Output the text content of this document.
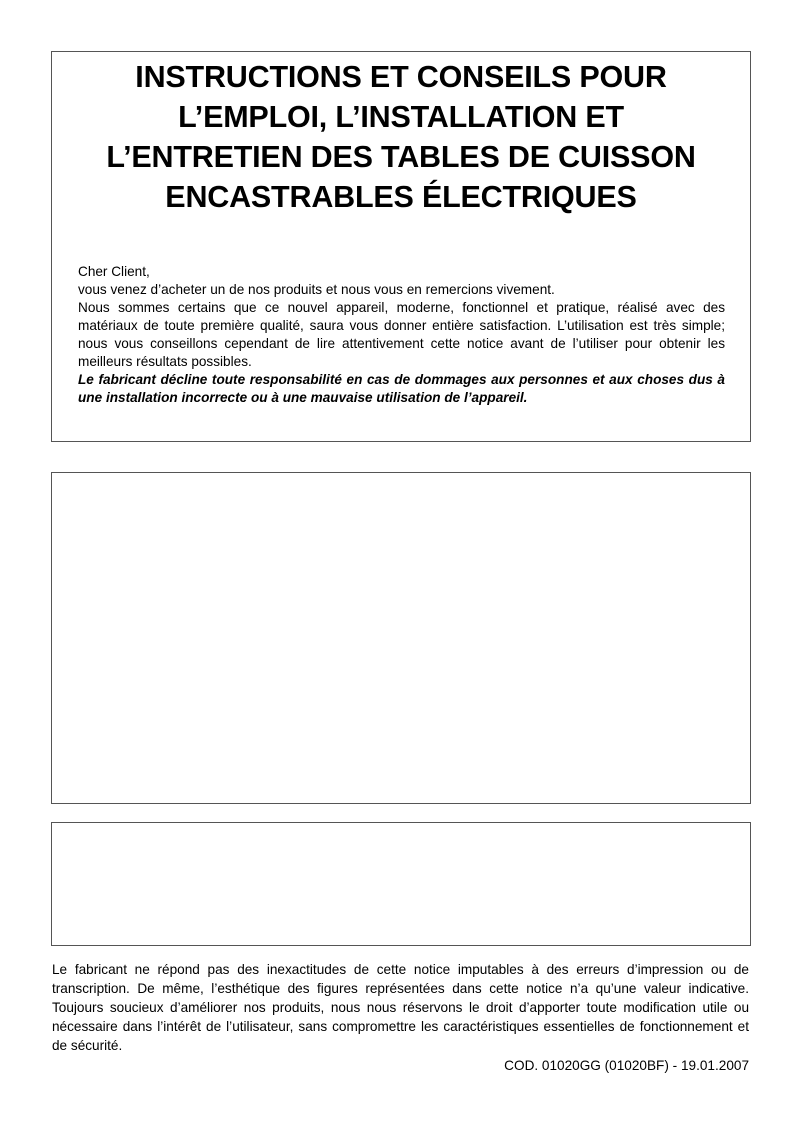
INSTRUCTIONS ET CONSEILS POUR
L’EMPLOI, L’INSTALLATION ET
L’ENTRETIEN DES TABLES DE CUISSON
ENCASTRABLES ÉLECTRIQUES

Cher Client,

vous venez d’acheter un de nos produits et nous vous en remercions vivement.

Nous sommes certains que ce nouvel appareil, moderne, fonctionnel et pratique, réalisé avec des matériaux de toute première qualité, saura vous donner entière satisfaction. L’utilisation est très simple; nous vous conseillons cependant de lire attentivement cette notice avant de l’utiliser pour obtenir les meilleurs résultats possibles.

Le fabricant décline toute responsabilité en cas de dommages aux personnes et aux choses dus à une installation incorrecte ou à une mauvaise utilisation de l’appareil.

Le fabricant ne répond pas des inexactitudes de cette notice imputables à des erreurs d’impression ou de transcription. De même, l’esthétique des figures représentées dans cette notice n’a qu’une valeur indicative. Toujours soucieux d’améliorer nos produits, nous nous réservons le droit d’apporter toute modification utile ou nécessaire dans l’intérêt de l’utilisateur, sans compromettre les caractéristiques essentielles de fonctionnement et de sécurité.

COD. 01020GG (01020BF) - 19.01.2007
